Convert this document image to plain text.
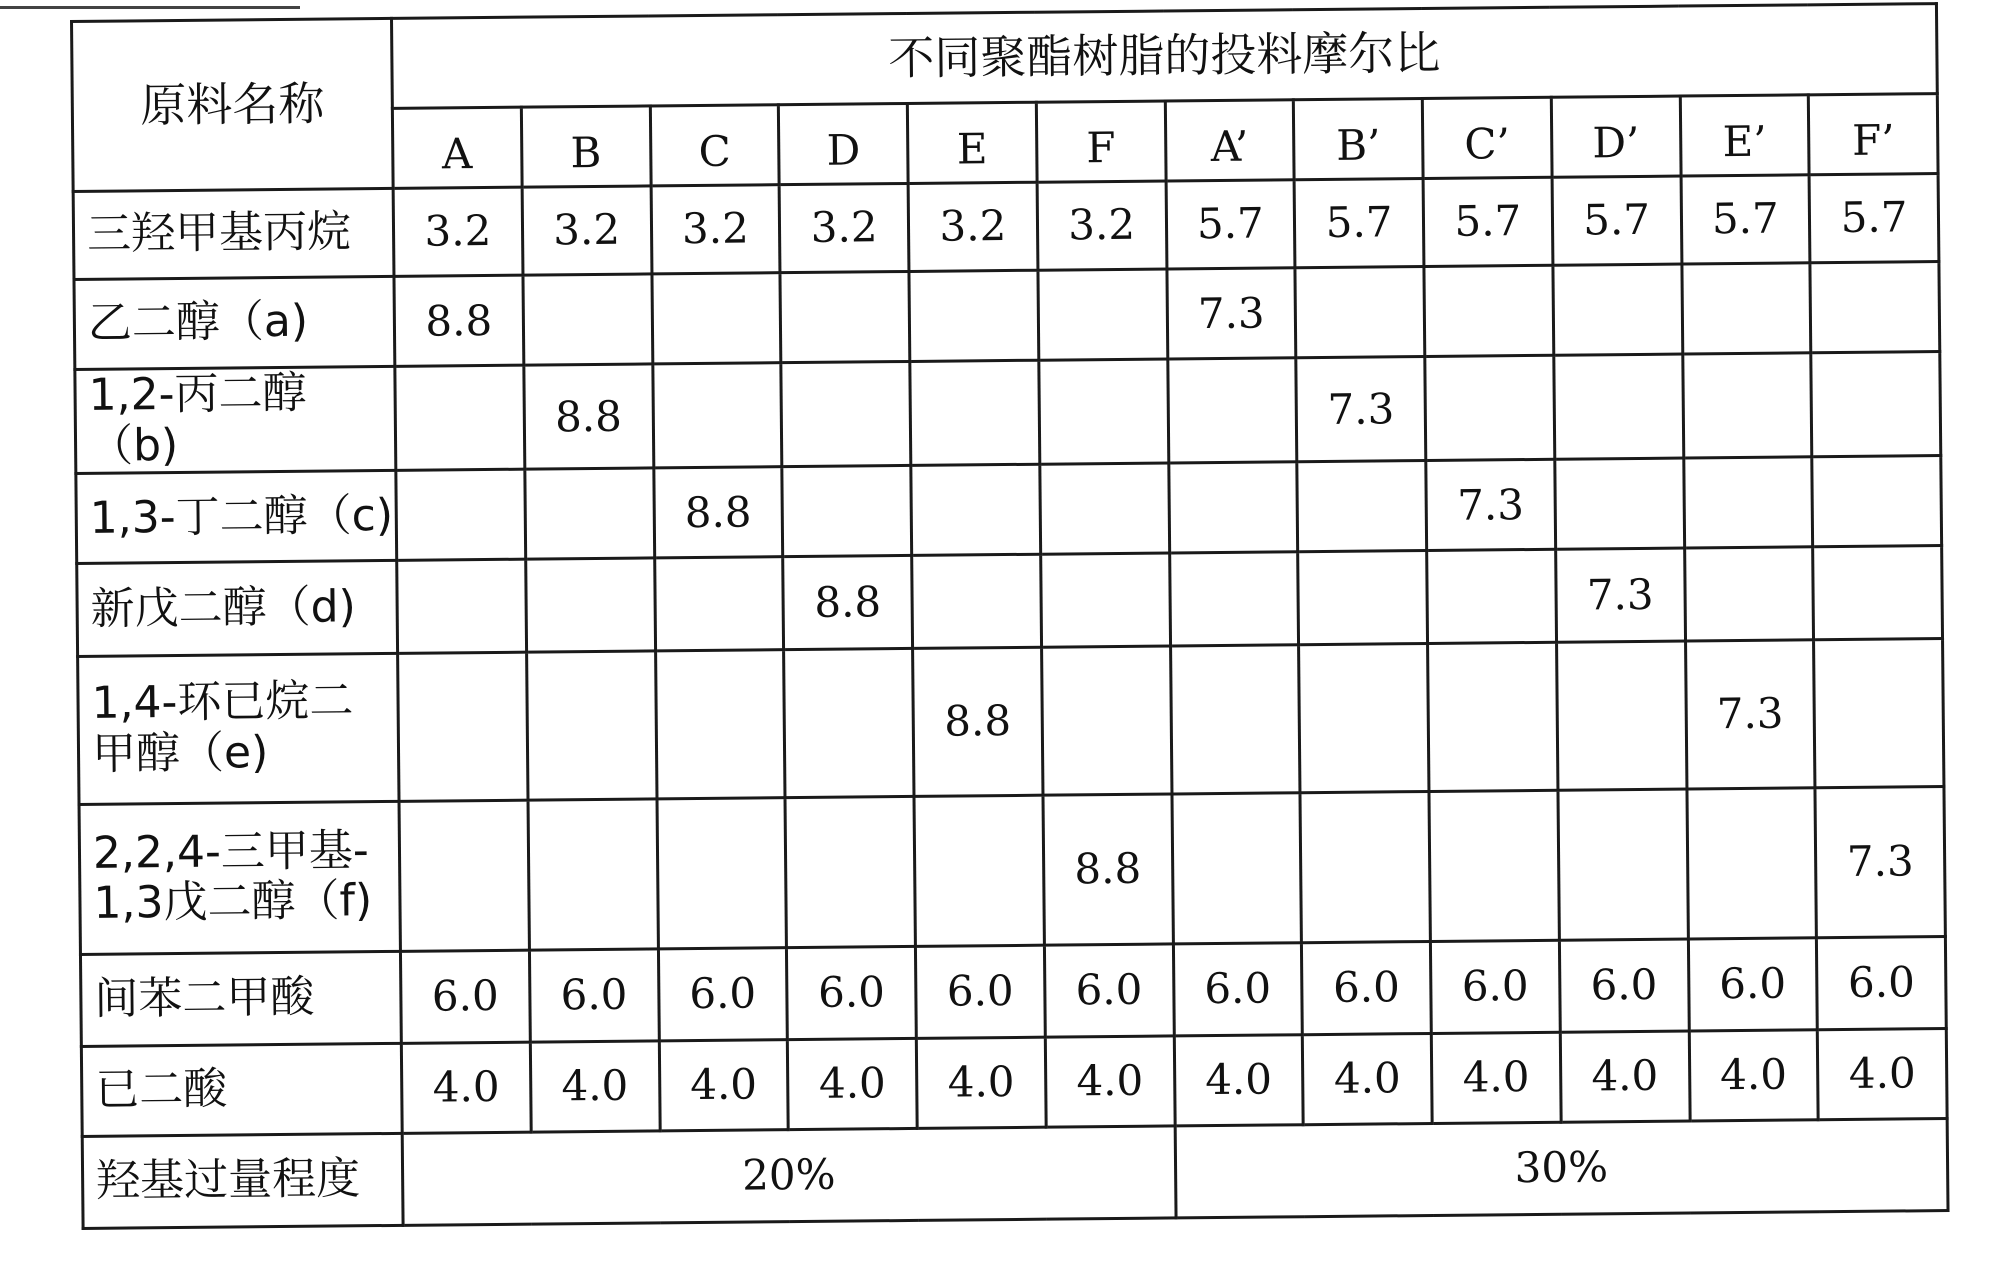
原料名称	不同聚酯树脂的投料摩尔比											
	A	B	C	D	E	F	A’	B’	C’	D’	E’	F’
三羟甲基丙烷	3.2	3.2	3.2	3.2	3.2	3.2	5.7	5.7	5.7	5.7	5.7	5.7
乙二醇（a)	8.8						7.3					
1,2-丙二醇（b)		8.8						7.3				
1,3-丁二醇（c)			8.8						7.3			
新戊二醇（d)				8.8						7.3		

1,4-环已烷二
甲醇（e)					8.8						7.3	

2,2,4-三甲基-
1,3戊二醇（f)						8.8						7.3
间苯二甲酸	6.0	6.0	6.0	6.0	6.0	6.0	6.0	6.0	6.0	6.0	6.0	6.0
已二酸	4.0	4.0	4.0	4.0	4.0	4.0	4.0	4.0	4.0	4.0	4.0	4.0
羟基过量程度	20%						30%					
